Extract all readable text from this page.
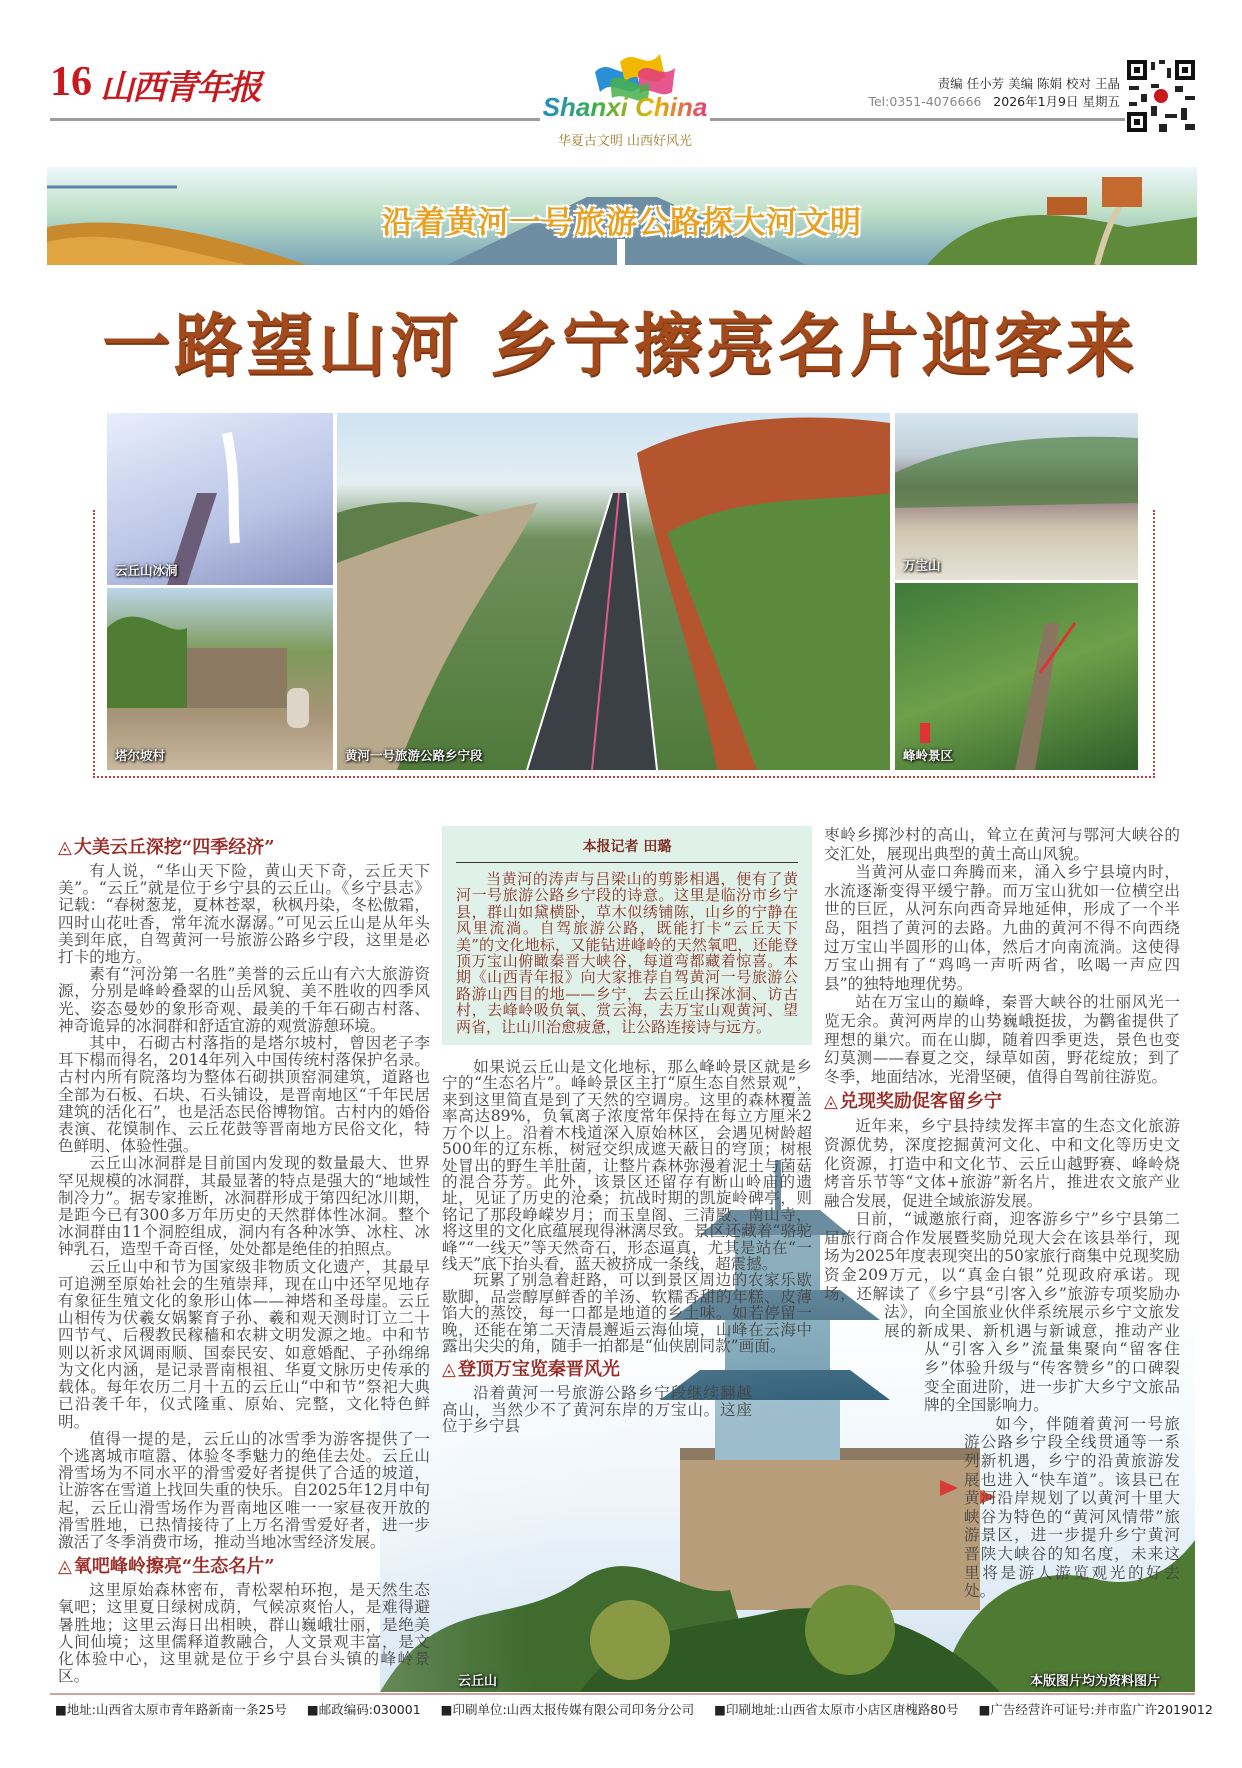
16 山西青年报	Shanxi China
华夏古文明 山西好风光
责编 任小芳 美编 陈娟 校对 王晶
Tel:0351-4076666 2026年1月9日 星期五
沿着黄河一号旅游公路探大河文明
一路望山河 乡宁擦亮名片迎客来
云丘山冰洞
塔尔坡村	黄河一号旅游公路乡宁段
万宝山
峰岭景区
云丘山	本版图片均为资料图片
◬ 大美云丘深挖“四季经济”

有人说，“华山天下险，黄山天下奇，云丘天下美”。“云丘”就是位于乡宁县的云丘山。《乡宁县志》记载：“春树葱茏，夏林苍翠，秋枫丹染，冬松傲霜，四时山花吐香，常年流水潺潺。”可见云丘山是从年头美到年底，自驾黄河一号旅游公路乡宁段，这里是必打卡的地方。

素有“河汾第一名胜”美誉的云丘山有六大旅游资源，分别是峰岭叠翠的山岳风貌、美不胜收的四季风光、姿态曼妙的象形奇观、最美的千年石砌古村落、神奇诡异的冰洞群和舒适宜游的观赏游憩环境。

其中，石砌古村落指的是塔尔坡村，曾因老子李耳下榻而得名，2014年列入中国传统村落保护名录。古村内所有院落均为整体石砌拱顶窑洞建筑，道路也全部为石板、石块、石头铺设，是晋南地区“千年民居建筑的活化石”，也是活态民俗博物馆。古村内的婚俗表演、花馍制作、云丘花鼓等晋南地方民俗文化，特色鲜明、体验性强。

云丘山冰洞群是目前国内发现的数量最大、世界罕见规模的冰洞群，其最显著的特点是强大的“地域性制冷力”。据专家推断，冰洞群形成于第四纪冰川期，是距今已有300多万年历史的天然群体性冰洞。整个冰洞群由11个洞腔组成，洞内有各种冰笋、冰柱、冰钟乳石，造型千奇百怪，处处都是绝佳的拍照点。

云丘山中和节为国家级非物质文化遗产，其最早可追溯至原始社会的生殖崇拜，现在山中还罕见地存有象征生殖文化的象形山体——神塔和圣母崖。云丘山相传为伏羲女娲繁育子孙、羲和观天测时订立二十四节气、后稷教民稼穑和农耕文明发源之地。中和节则以祈求风调雨顺、国泰民安、如意婚配、子孙绵绵为文化内涵，是记录晋南根祖、华夏文脉历史传承的载体。每年农历二月十五的云丘山“中和节”祭祀大典已沿袭千年，仪式隆重、原始、完整，文化特色鲜明。

值得一提的是，云丘山的冰雪季为游客提供了一个逃离城市喧嚣、体验冬季魅力的绝佳去处。云丘山滑雪场为不同水平的滑雪爱好者提供了合适的坡道，让游客在雪道上找回失重的快乐。自2025年12月中旬起，云丘山滑雪场作为晋南地区唯一一家昼夜开放的滑雪胜地，已热情接待了上万名滑雪爱好者，进一步激活了冬季消费市场，推动当地冰雪经济发展。

◬ 氧吧峰岭擦亮“生态名片”

这里原始森林密布，青松翠柏环抱，是天然生态氧吧；这里夏日绿树成荫，气候凉爽怡人，是难得避暑胜地；这里云海日出相映，群山巍峨壮丽，是绝美人间仙境；这里儒释道教融合，人文景观丰富，是文化体验中心，这里就是位于乡宁县台头镇的峰岭景区。

本报记者 田璐

当黄河的涛声与吕梁山的剪影相遇，便有了黄河一号旅游公路乡宁段的诗意。这里是临汾市乡宁县，群山如黛横卧，草木似绣铺陈，山乡的宁静在风里流淌。自驾旅游公路，既能打卡“云丘天下美”的文化地标，又能钻进峰岭的天然氧吧，还能登顶万宝山俯瞰秦晋大峡谷，每道弯都藏着惊喜。本期《山西青年报》向大家推荐自驾黄河一号旅游公路游山西目的地——乡宁，去云丘山探冰洞、访古村，去峰岭吸负氧、赏云海，去万宝山观黄河、望两省，让山川治愈疲惫，让公路连接诗与远方。

如果说云丘山是文化地标，那么峰岭景区就是乡宁的“生态名片”。峰岭景区主打“原生态自然景观”，来到这里简直是到了天然的空调房。这里的森林覆盖率高达89%，负氧离子浓度常年保持在每立方厘米2万个以上。沿着木栈道深入原始林区，会遇见树龄超500年的辽东栎，树冠交织成遮天蔽日的穹顶；树根处冒出的野生羊肚菌，让整片森林弥漫着泥土与菌菇的混合芬芳。此外，该景区还留存有断山岭庙的遗址，见证了历史的沧桑；抗战时期的凯旋岭碑亭，则铭记了那段峥嵘岁月；而玉皇阁、三清殿、南山寺，将这里的文化底蕴展现得淋漓尽致。景区还藏着“骆驼峰”“一线天”等天然奇石，形态逼真，尤其是站在“一线天”底下抬头看，蓝天被挤成一条线，超震撼。

玩累了别急着赶路，可以到景区周边的农家乐歇歇脚，品尝醇厚鲜香的羊汤、软糯香甜的年糕、皮薄馅大的蒸饺，每一口都是地道的乡土味。如若停留一晚，还能在第二天清晨邂逅云海仙境，山峰在云海中露出尖尖的角，随手一拍都是“仙侠剧同款”画面。

◬ 登顶万宝览秦晋风光

沿着黄河一号旅游公路乡宁段继续翻越高山，当然少不了黄河东岸的万宝山。这座位于乡宁县

枣岭乡掷沙村的高山，耸立在黄河与鄂河大峡谷的交汇处，展现出典型的黄土高山风貌。

当黄河从壶口奔腾而来，涌入乡宁县境内时，水流逐渐变得平缓宁静。而万宝山犹如一位横空出世的巨匠，从河东向西奇异地延伸，形成了一个半岛，阻挡了黄河的去路。九曲的黄河不得不向西绕过万宝山半圆形的山体，然后才向南流淌。这使得万宝山拥有了“鸡鸣一声听两省，吆喝一声应四县”的独特地理优势。

站在万宝山的巅峰，秦晋大峡谷的壮丽风光一览无余。黄河两岸的山势巍峨挺拔，为鹳雀提供了理想的巢穴。而在山脚，随着四季更迭，景色也变幻莫测——春夏之交，绿草如茵，野花绽放；到了冬季，地面结冰，光滑坚硬，值得自驾前往游览。

◬ 兑现奖励促客留乡宁

近年来，乡宁县持续发挥丰富的生态文化旅游资源优势，深度挖掘黄河文化、中和文化等历史文化资源，打造中和文化节、云丘山越野赛、峰岭烧烤音乐节等“文体+旅游”新名片，推进农文旅产业融合发展，促进全域旅游发展。

日前，“诚邀旅行商，迎客游乡宁”乡宁县第二届旅行商合作发展暨奖励兑现大会在该县举行，现场为2025年度表现突出的50家旅行商集中兑现奖励资金209万元，以“真金白银”兑现政府承诺。现场，还解读了《乡宁县“引客入乡”旅游专项奖励办法》，向全国旅业伙伴系统展示乡宁文旅发展的新成果、新机遇与新诚意，推动产业从“引客入乡”流量集聚向“留客住乡”体验升级与“传客赞乡”的口碑裂变全面进阶，进一步扩大乡宁文旅品牌的全国影响力。

如今，伴随着黄河一号旅游公路乡宁段全线贯通等一系列新机遇，乡宁的沿黄旅游发展也进入“快车道”。该县已在黄河沿岸规划了以黄河十里大峡谷为特色的“黄河风情带”旅游景区，进一步提升乡宁黄河晋陕大峡谷的知名度，未来这里将是游人游览观光的好去处。

■地址:山西省太原市青年路新南一条25号 ■邮政编码:030001 ■印刷单位:山西太报传媒有限公司印务分公司 ■印刷地址:山西省太原市小店区唐槐路80号 ■广告经营许可证号:并市监广许2019012
